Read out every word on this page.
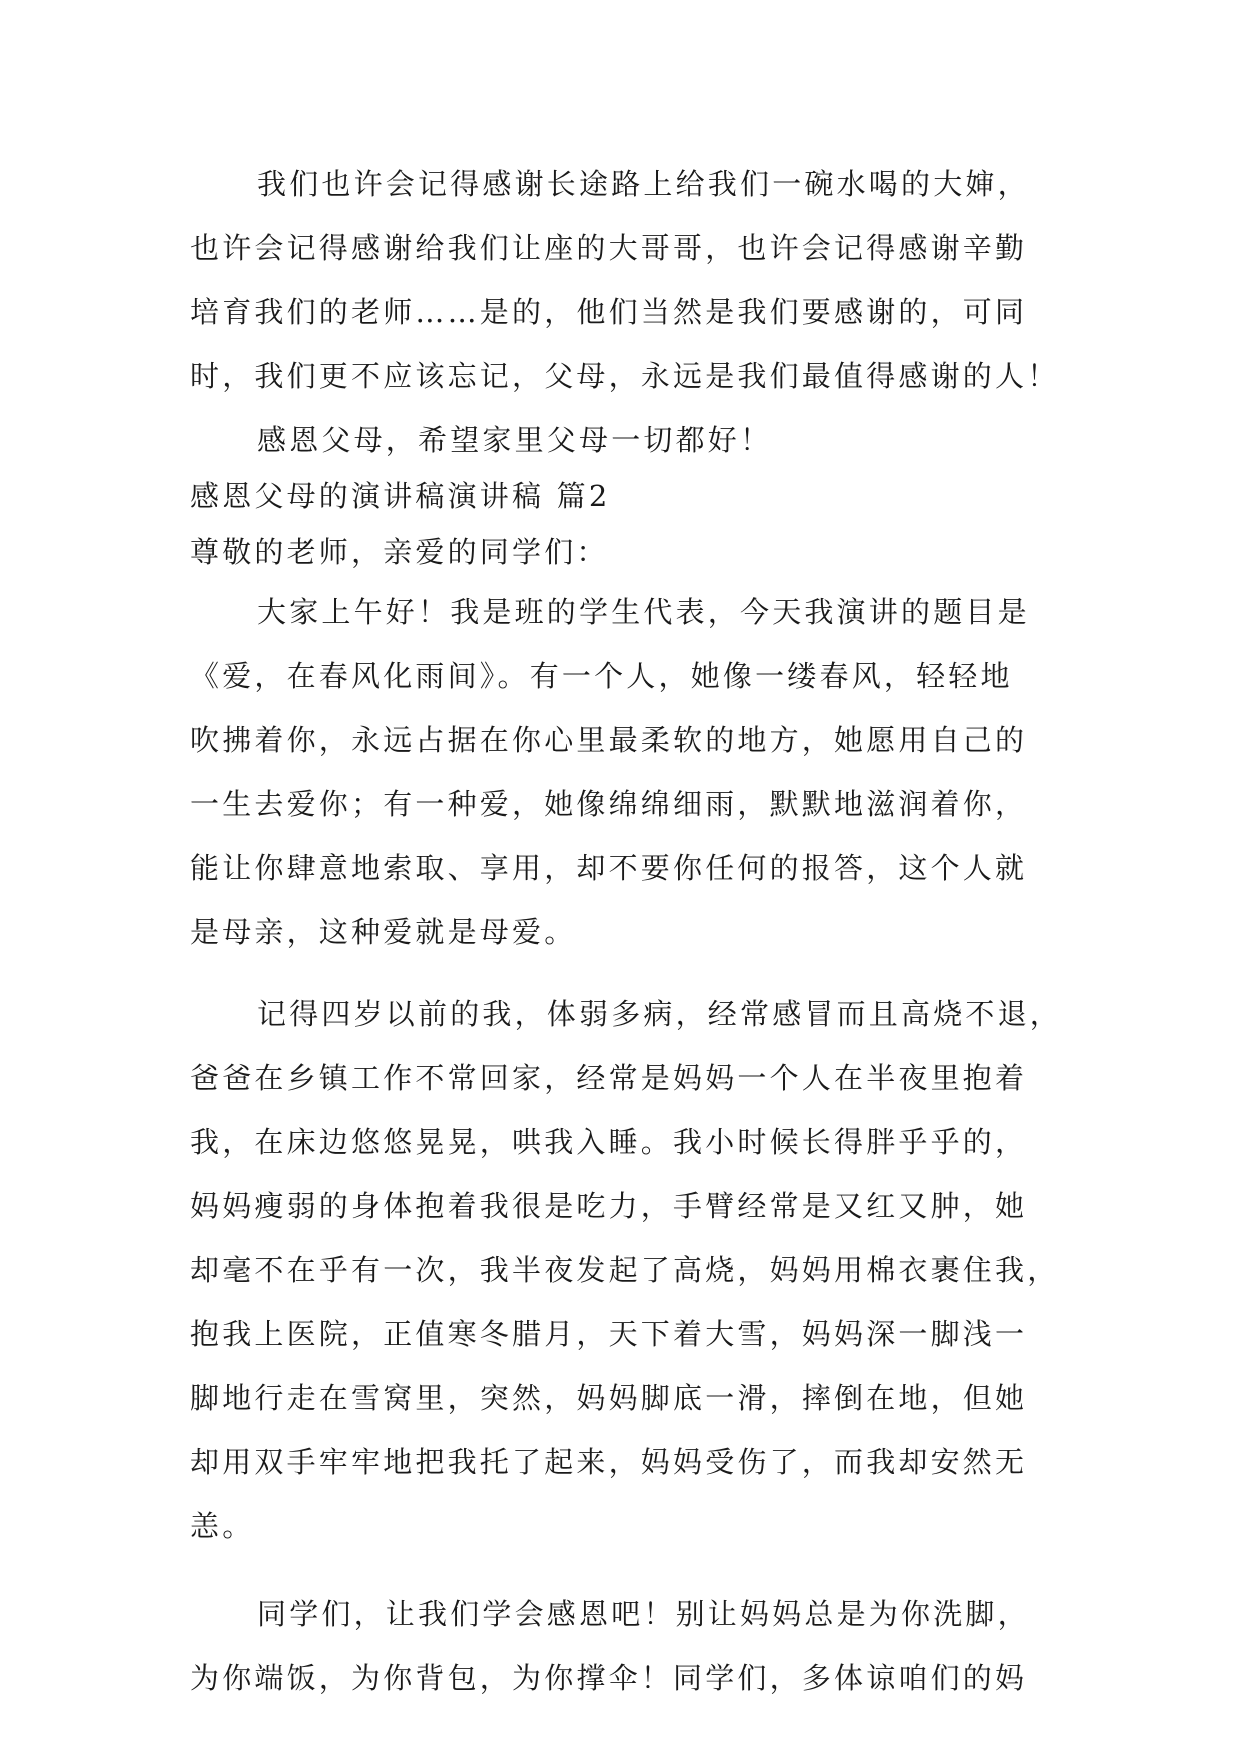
我们也许会记得感谢长途路上给我们一碗水喝的大婶，
也许会记得感谢给我们让座的大哥哥，也许会记得感谢辛勤
培育我们的老师……是的，他们当然是我们要感谢的，可同
时，我们更不应该忘记，父母，永远是我们最值得感谢的人！
感恩父母，希望家里父母一切都好！
感恩父母的演讲稿演讲稿 篇2
尊敬的老师，亲爱的同学们：
大家上午好！我是班的学生代表，今天我演讲的题目是
《爱，在春风化雨间》。有一个人，她像一缕春风，轻轻地
吹拂着你，永远占据在你心里最柔软的地方，她愿用自己的
一生去爱你；有一种爱，她像绵绵细雨，默默地滋润着你，
能让你肆意地索取、享用，却不要你任何的报答，这个人就
是母亲，这种爱就是母爱。
记得四岁以前的我，体弱多病，经常感冒而且高烧不退，
爸爸在乡镇工作不常回家，经常是妈妈一个人在半夜里抱着
我，在床边悠悠晃晃，哄我入睡。我小时候长得胖乎乎的，
妈妈瘦弱的身体抱着我很是吃力，手臂经常是又红又肿，她
却毫不在乎有一次，我半夜发起了高烧，妈妈用棉衣裹住我，
抱我上医院，正值寒冬腊月，天下着大雪，妈妈深一脚浅一
脚地行走在雪窝里，突然，妈妈脚底一滑，摔倒在地，但她
却用双手牢牢地把我托了起来，妈妈受伤了，而我却安然无
恙。
同学们，让我们学会感恩吧！别让妈妈总是为你洗脚，
为你端饭，为你背包，为你撑伞！同学们，多体谅咱们的妈
